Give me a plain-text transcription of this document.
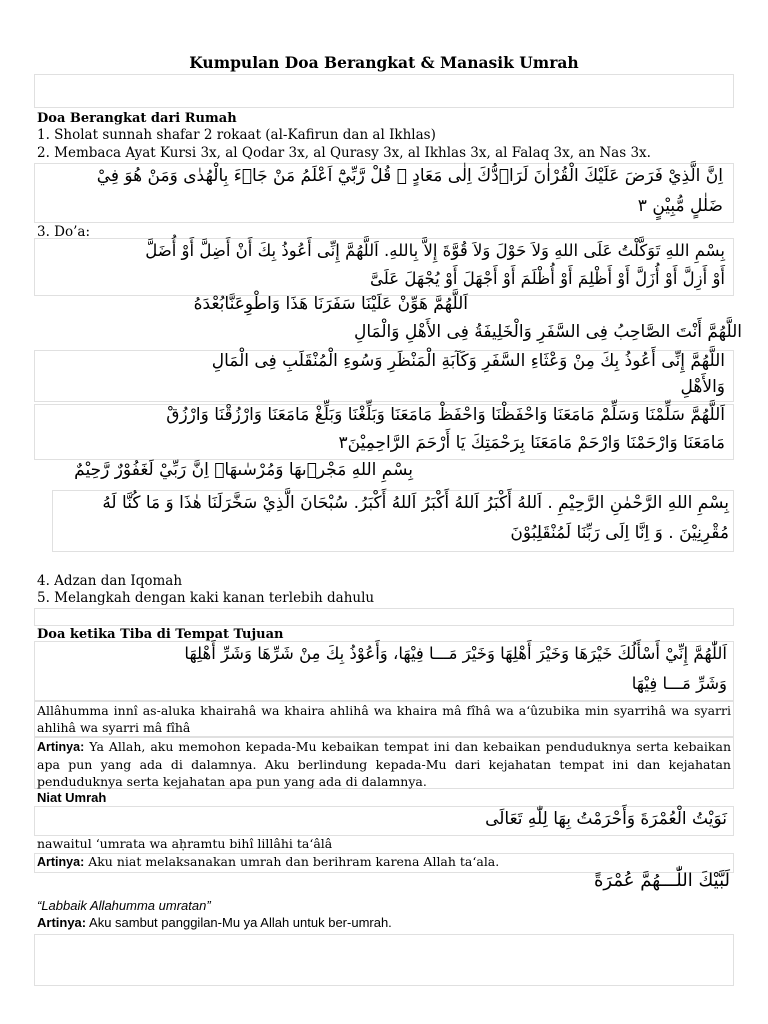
Kumpulan Doa Berangkat & Manasik Umrah
Doa Berangkat dari Rumah
1. Sholat sunnah shafar 2 rokaat (al-Kafirun dan al Ikhlas)
2. Membaca Ayat Kursi 3x, al Qodar 3x, al Qurasy 3x, al Ikhlas 3x, al Falaq 3x, an Nas 3x.
اِنَّ الَّذِيْ فَرَضَ عَلَيْكَ الْقُرْاٰنَ لَرَاۤدُّكَ اِلٰى مَعَادٍ ۗ قُلْ رَّبِّيْٓ اَعْلَمُ مَنْ جَاۤءَ بِالْهُدٰى وَمَنْ هُوَ فِيْ
ضَلٰلٍ مُّبِيْنٍ ٣
3. Do’a:
بِسْمِ اللهِ تَوَكَّلْتُ عَلَى اللهِ وَلاَ حَوْلَ وَلاَ قُوَّةَ إِلاَّ بِاللهِ. اَللَّهُمَّ إِنِّى أَعُوذُ بِكَ أَنْ أَضِلَّ أَوْ أُضَلَّ
أَوْ أَزِلَّ أَوْ أُزَلَّ أَوْ أَظْلِمَ أَوْ أُظْلَمَ أَوْ أَجْهَلَ أَوْ يُجْهَلَ عَلَىَّ
اَللَّهُمَّ هَوِّنْ عَلَيْنَا سَفَرَنَا هَذَا وَاطْوِعَنَّابُعْدَهُ
اللَّهُمَّ أَنْتَ الصَّاحِبُ فِى السَّفَرِ وَالْخَلِيفَةُ فِى الأَهْلِ وَالْمَالِ
اللَّهُمَّ إِنِّى أَعُوذُ بِكَ مِنْ وَعْثَاءِ السَّفَرِ وَكَآبَةِ الْمَنْظَرِ وَسُوءِ الْمُنْقَلَبِ فِى الْمَالِ
وَالأَهْلِ
اَللَّهُمَّ سَلِّمْنَا وَسَلِّمْ مَامَعَنَا وَاحْفَظْنَا وَاحْفَظْ مَامَعَنَا وَبَلِّغْنَا وَبَلِّغْ مَامَعَنَا وَارْزُقْنَا وَارْزُقْ
مَامَعَنَا وَارْحَمْنَا وَارْحَمْ مَامَعَنَا بِرَحْمَتِكَ يَا أَرْحَمَ الرَّاحِمِيْنَ٣
بِسْمِ اللهِ مَجْرٖىهَا وَمُرْسٰىهَاۗ اِنَّ رَبِّيْ لَغَفُوْرٌ رَّحِيْمٌ
بِسْمِ اللهِ الرَّحْمٰنِ الرَّحِيْمِ . اَللهُ أَكْبَرُ اَللهُ أَكْبَرُ اَللهُ أَكْبَرُ. سُبْحَانَ الَّذِيْ سَخَّرَلَنَا هٰذَا وَ مَا كُنَّا لَهُ
مُقْرِنِيْنَ . وَ اِنَّا اِلَى رَبِّنَا لَمُنْقَلِبُوْنَ
4. Adzan dan Iqomah
5. Melangkah dengan kaki kanan terlebih dahulu
Doa ketika Tiba di Tempat Tujuan
اَللّٰهُمَّ إِنِّيْ أَسْأَلُكَ خَيْرَهَا وَخَيْرَ أَهْلِهَا وَخَيْرَ مَـــا فِيْهَا، وَأَعُوْذُ بِكَ مِنْ شَرِّهَا وَشَرِّ أَهْلِهَا
وَشَرِّ مَـــا فِيْهَا
Allâhumma innî as-aluka khairahâ wa khaira ahlihâ wa khaira mâ fîhâ wa a‘ûzubika min syarrihâ wa syarri ahlihâ wa syarri mâ fîhâ
Artinya: Ya Allah, aku memohon kepada-Mu kebaikan tempat ini dan kebaikan penduduknya serta kebaikan apa pun yang ada di dalamnya. Aku berlindung kepada-Mu dari kejahatan tempat ini dan kejahatan penduduknya serta kejahatan apa pun yang ada di dalamnya.
Niat Umrah
نَوَيْتُ الْعُمْرَةَ وَأَحْرَمْتُ بِهَا لِلّٰهِ تَعَالَى
nawaitul ‘umrata wa aḥramtu bihî lillâhi ta‘âlâ
Artinya: Aku niat melaksanakan umrah dan berihram karena Allah ta‘ala.
لَبَّيْكَ اللّٰـــهُمَّ عُمْرَةً
“Labbaik Allahumma umratan”
Artinya: Aku sambut panggilan-Mu ya Allah untuk ber-umrah.
